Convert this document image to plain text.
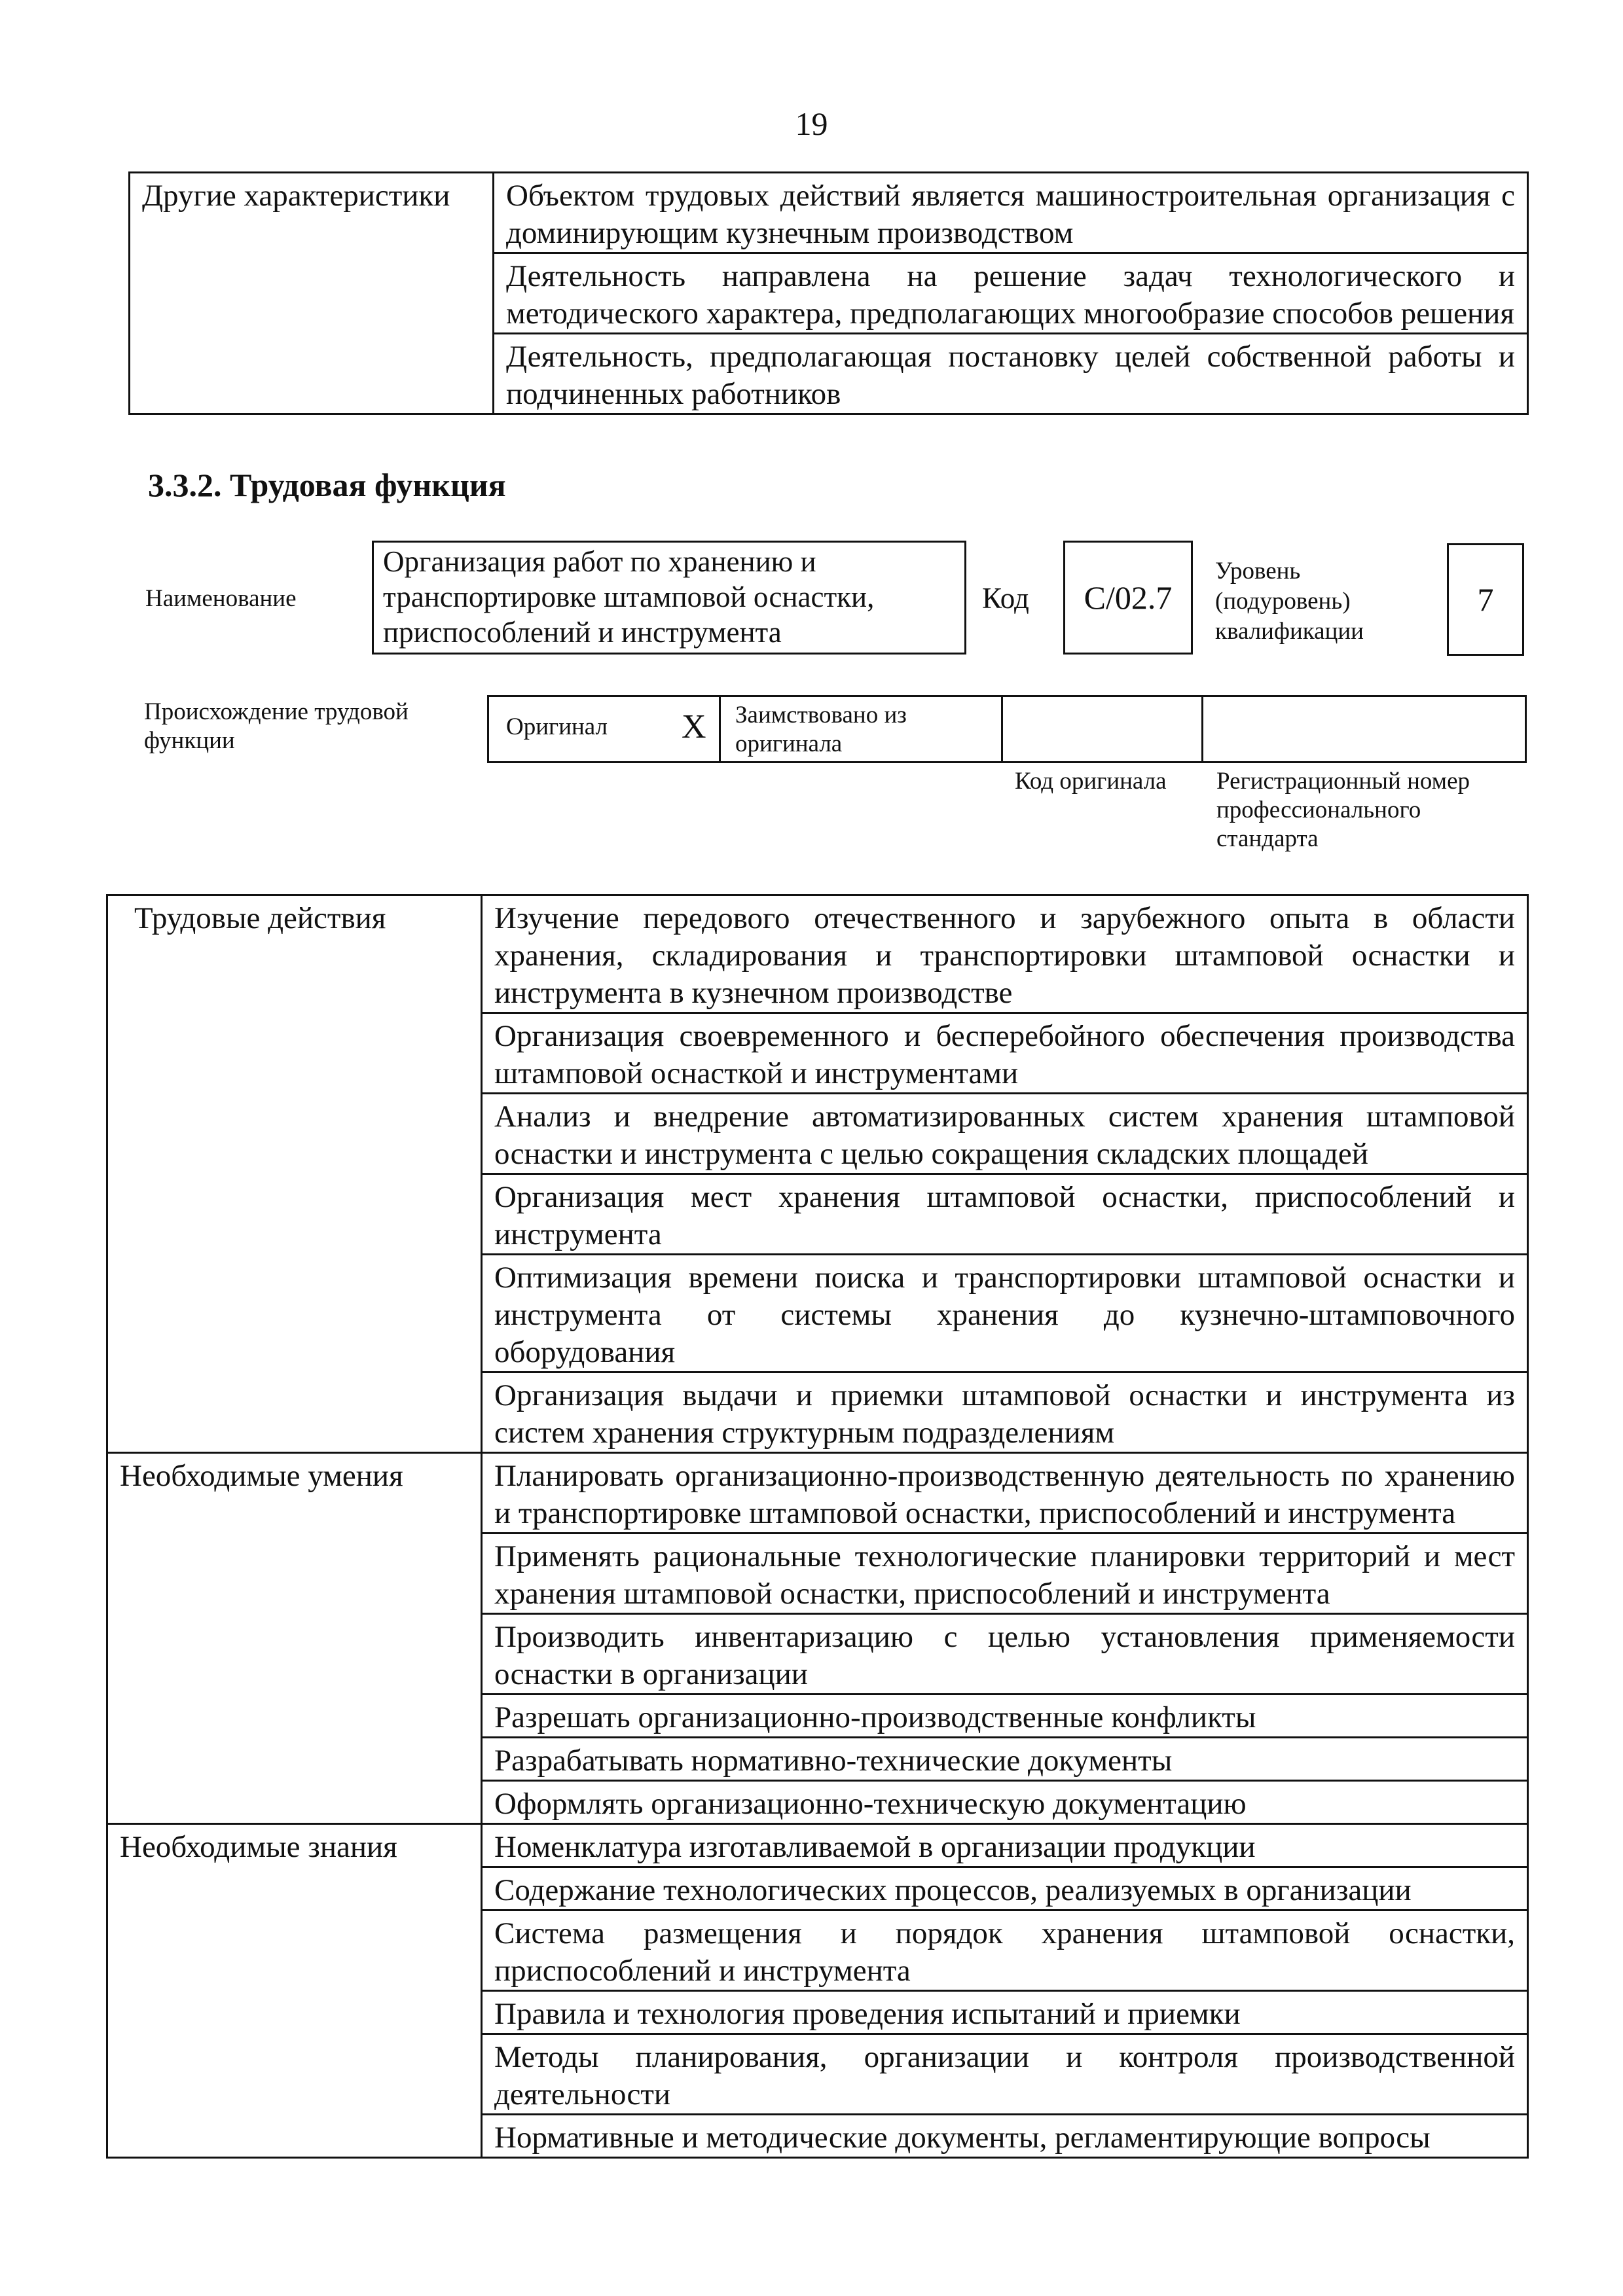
19
Другие характеристики	Объектом трудовых действий является машиностроительная организация с доминирующим кузнечным производством
Деятельность направлена на решение задач технологического и методического характера, предполагающих многообразие способов решения
Деятельность, предполагающая постановку целей собственной работы и подчиненных работников
3.3.2. Трудовая функция
Наименование
Организация работ по хранению и транспортировке штамповой оснастки, приспособлений и инструмента
Код	C/02.7
Уровень (подуровень) квалификации
7
Происхождение трудовой функции
Оригинал X Заимствовано из оригинала
Код оригинала Регистрационный номер профессионального стандарта
Трудовые действия	Изучение передового отечественного и зарубежного опыта в области хранения, складирования и транспортировки штамповой оснастки и инструмента в кузнечном производстве
	Организация своевременного и бесперебойного обеспечения производства штамповой оснасткой и инструментами
	Анализ и внедрение автоматизированных систем хранения штамповой оснастки и инструмента с целью сокращения складских площадей
	Организация мест хранения штамповой оснастки, приспособлений и инструмента
	Оптимизация времени поиска и транспортировки штамповой оснастки и инструмента от системы хранения до кузнечно-штамповочного оборудования
	Организация выдачи и приемки штамповой оснастки и инструмента из систем хранения структурным подразделениям
Необходимые умения	Планировать организационно-производственную деятельность по хранению и транспортировке штамповой оснастки, приспособлений и инструмента
	Применять рациональные технологические планировки территорий и мест хранения штамповой оснастки, приспособлений и инструмента
	Производить инвентаризацию с целью установления применяемости оснастки в организации
	Разрешать организационно-производственные конфликты
	Разрабатывать нормативно-технические документы
	Оформлять организационно-техническую документацию
Необходимые знания	Номенклатура изготавливаемой в организации продукции
	Содержание технологических процессов, реализуемых в организации
	Система размещения и порядок хранения штамповой оснастки, приспособлений и инструмента
	Правила и технология проведения испытаний и приемки
	Методы планирования, организации и контроля производственной деятельности
	Нормативные и методические документы, регламентирующие вопросы
